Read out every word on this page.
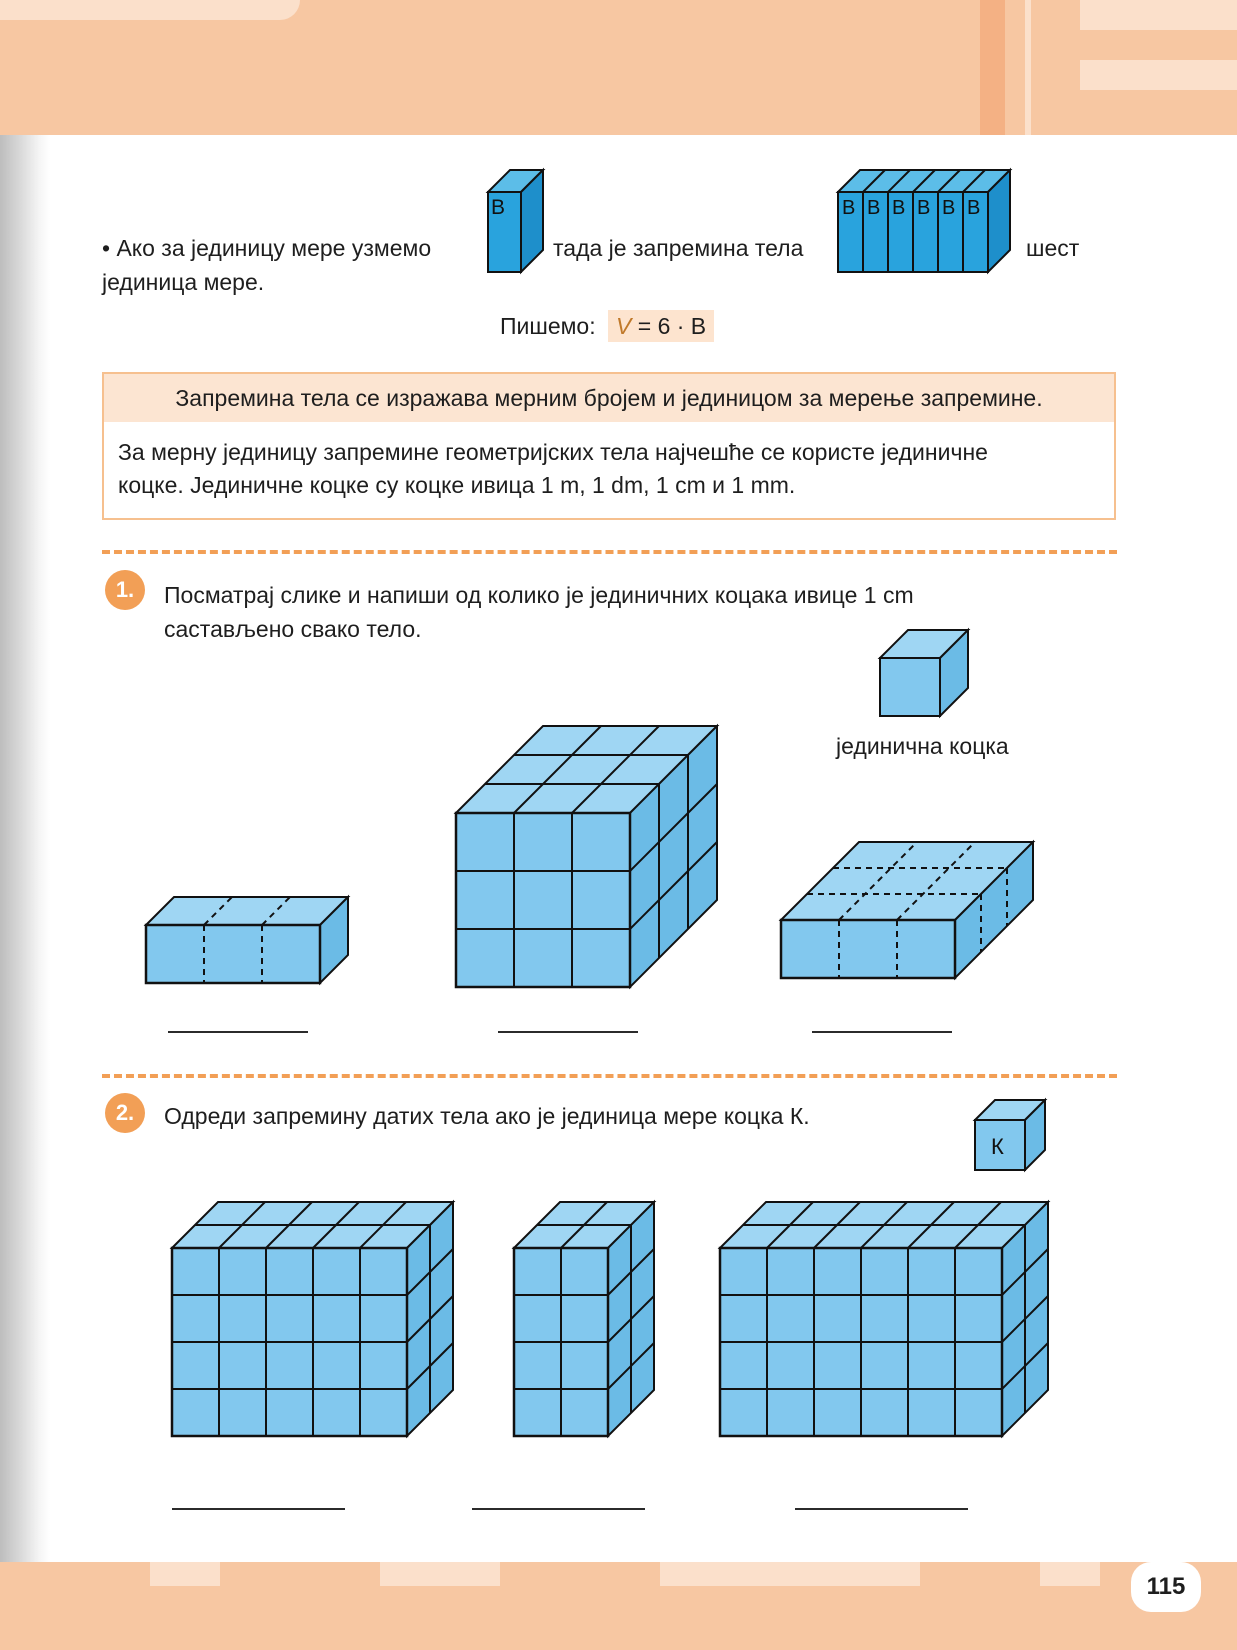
• Ако за јединицу мере узмемо
В
тада је запремина тела
В В В В В В
шест
јединица мере.
Пишемо: V = 6 · В
Запремина тела се изражава мерним бројем и јединицом за мерење запремине.
За мерну јединицу запремине геометријских тела најчешће се користе јединичне
коцке. Јединичне коцке су коцке ивица 1 m, 1 dm, 1 cm и 1 mm.
1.	Посматрај слике и напиши од колико је јединичних коцака ивице 1 cm
састављено свако тело.
јединична коцка
2.	Одреди запремину датих тела ако је јединица мере коцка К.
К
115
